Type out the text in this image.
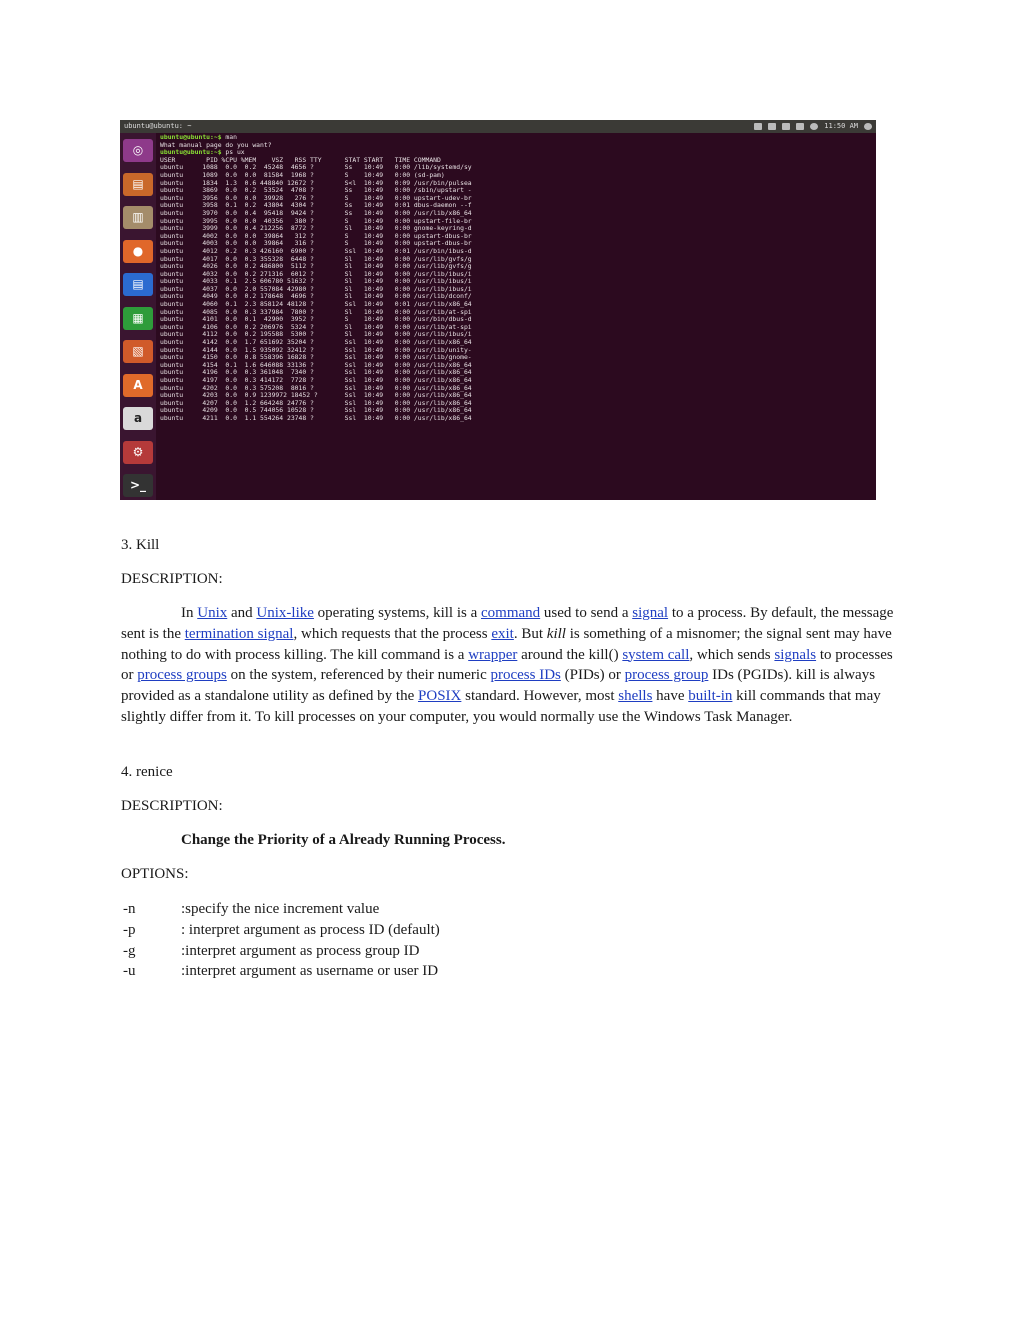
ubuntu@ubuntu: ~	11:50 AM
◎
▤
▥
●
▤
▦
▧
A
a
⚙
>_
ubuntu@ubuntu:~$ man
What manual page do you want?
ubuntu@ubuntu:~$ ps ux
USER        PID %CPU %MEM    VSZ   RSS TTY      STAT START   TIME COMMAND
ubuntu     1088  0.0  0.2  45248  4656 ?        Ss   10:49   0:00 /lib/systemd/sy
ubuntu     1089  0.0  0.0  81584  1968 ?        S    10:49   0:00 (sd-pam)
ubuntu     1834  1.3  0.6 448840 12672 ?        S<l  10:49   0:09 /usr/bin/pulsea
ubuntu     3869  0.0  0.2  53524  4708 ?        Ss   10:49   0:00 /sbin/upstart -
ubuntu     3956  0.0  0.0  39928   276 ?        S    10:49   0:00 upstart-udev-br
ubuntu     3958  0.1  0.2  43804  4304 ?        Ss   10:49   0:01 dbus-daemon --f
ubuntu     3970  0.0  0.4  95418  9424 ?        Ss   10:49   0:00 /usr/lib/x86_64
ubuntu     3995  0.0  0.0  40356   380 ?        S    10:49   0:00 upstart-file-br
ubuntu     3999  0.0  0.4 212256  8772 ?        Sl   10:49   0:00 gnome-keyring-d
ubuntu     4002  0.0  0.0  39864   312 ?        S    10:49   0:00 upstart-dbus-br
ubuntu     4003  0.0  0.0  39864   316 ?        S    10:49   0:00 upstart-dbus-br
ubuntu     4012  0.2  0.3 426160  6900 ?        Ssl  10:49   0:01 /usr/bin/ibus-d
ubuntu     4017  0.0  0.3 355328  6448 ?        Sl   10:49   0:00 /usr/lib/gvfs/g
ubuntu     4026  0.0  0.2 486800  5112 ?        Sl   10:49   0:00 /usr/lib/gvfs/g
ubuntu     4032  0.0  0.2 271316  6012 ?        Sl   10:49   0:00 /usr/lib/ibus/i
ubuntu     4033  0.1  2.5 606780 51632 ?        Sl   10:49   0:00 /usr/lib/ibus/i
ubuntu     4037  0.0  2.0 557084 42980 ?        Sl   10:49   0:00 /usr/lib/ibus/i
ubuntu     4049  0.0  0.2 178648  4696 ?        Sl   10:49   0:00 /usr/lib/dconf/
ubuntu     4060  0.1  2.3 858124 48128 ?        Ssl  10:49   0:01 /usr/lib/x86_64
ubuntu     4085  0.0  0.3 337984  7800 ?        Sl   10:49   0:00 /usr/lib/at-spi
ubuntu     4101  0.0  0.1  42900  3952 ?        S    10:49   0:00 /usr/bin/dbus-d
ubuntu     4106  0.0  0.2 206976  5324 ?        Sl   10:49   0:00 /usr/lib/at-spi
ubuntu     4112  0.0  0.2 195588  5300 ?        Sl   10:49   0:00 /usr/lib/ibus/i
ubuntu     4142  0.0  1.7 651692 35204 ?        Ssl  10:49   0:00 /usr/lib/x86_64
ubuntu     4144  0.0  1.5 935092 32412 ?        Ssl  10:49   0:00 /usr/lib/unity-
ubuntu     4150  0.0  0.8 558396 16828 ?        Ssl  10:49   0:00 /usr/lib/gnome-
ubuntu     4154  0.1  1.6 646088 33136 ?        Ssl  10:49   0:00 /usr/lib/x86_64
ubuntu     4196  0.0  0.3 361048  7340 ?        Ssl  10:49   0:00 /usr/lib/x86_64
ubuntu     4197  0.0  0.3 414172  7728 ?        Ssl  10:49   0:00 /usr/lib/x86_64
ubuntu     4202  0.0  0.3 575208  8016 ?        Ssl  10:49   0:00 /usr/lib/x86_64
ubuntu     4203  0.0  0.9 1239972 18452 ?       Ssl  10:49   0:00 /usr/lib/x86_64
ubuntu     4207  0.0  1.2 664248 24776 ?        Ssl  10:49   0:00 /usr/lib/x86_64
ubuntu     4209  0.0  0.5 744056 10528 ?        Ssl  10:49   0:00 /usr/lib/x86_64
ubuntu     4211  0.0  1.1 554264 23748 ?        Ssl  10:49   0:00 /usr/lib/x86_64
3. Kill
DESCRIPTION:
In Unix and Unix-like operating systems, kill is a command used to send a signal to a process. By default, the message sent is the termination signal, which requests that the process exit. But kill is something of a misnomer; the signal sent may have nothing to do with process killing. The kill command is a wrapper around the kill() system call, which sends signals to processes or process groups on the system, referenced by their numeric process IDs (PIDs) or process group IDs (PGIDs). kill is always provided as a standalone utility as defined by the POSIX standard. However, most shells have built-in kill commands that may slightly differ from it. To kill processes on your computer, you would normally use the Windows Task Manager.
4. renice
DESCRIPTION:
Change the Priority of a Already Running Process.
OPTIONS:
-n	:specify the nice increment value
-p	: interpret argument as process ID (default)
-g	:interpret argument as process group ID
-u	:interpret argument as username or user ID
